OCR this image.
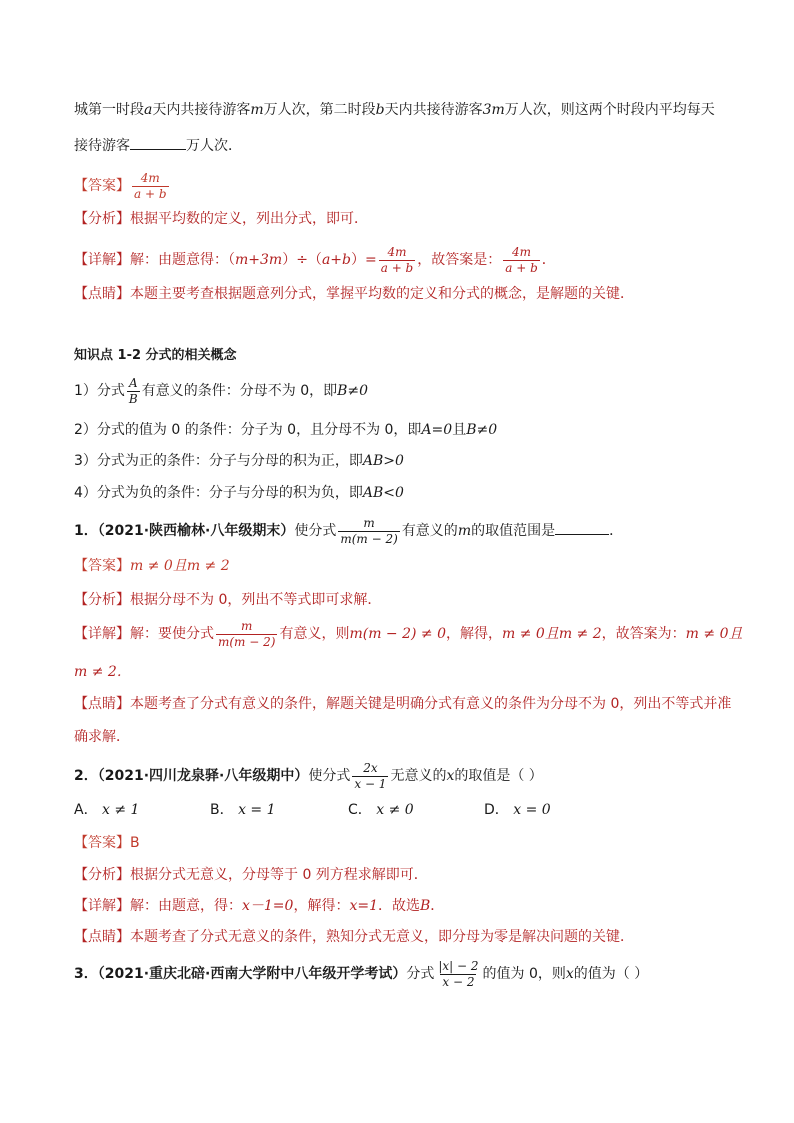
城第一时段a天内共接待游客m万人次，第二时段b天内共接待游客3m万人次，则这两个时段内平均每天
接待游客	万人次．
【答案】 $\frac{4m}{a + b}$
【分析】根据平均数的定义，列出分式，即可．
【详解】解：由题意得：$(m+3m)\div(a+b)= \frac{4m}{a + b}$ ，故答案是： $\frac{4m}{a + b}$ ．
【点睛】本题主要考查根据题意列分式，掌握平均数的定义和分式的概念，是解题的关键．
知识点 1-2 分式的相关概念
1）分式 $\frac{A}{B}$ 有意义的条件：分母不为 0，即B≠0
2）分式的值为 0 的条件：分子为 0，且分母不为 0，即A=0且B≠0
3）分式为正的条件：分子与分母的积为正，即AB>0
4）分式为负的条件：分子与分母的积为负，即AB<0
1．（2021·陕西榆林·八年级期末）使分式 $\frac{m}{m(m - 2)}$ 有意义的m的取值范围是	．
【答案】m ≠ 0且m ≠ 2
【分析】根据分母不为 0，列出不等式即可求解．
【详解】解：要使分式 $\frac{m}{m(m - 2)}$ 有意义，则m(m − 2) ≠ 0，解得，m ≠ 0且m ≠ 2，故答案为：m ≠ 0且
m ≠ 2．
【点睛】本题考查了分式有意义的条件，解题关键是明确分式有意义的条件为分母不为 0，列出不等式并准
确求解．
2．（2021·四川龙泉驿·八年级期中）使分式 $\frac{2x}{x - 1}$ 无意义的x的取值是（ ）
A． x ≠ 1	B． x = 1	C． x ≠ 0	D． x = 0
【答案】B
【分析】根据分式无意义，分母等于 0 列方程求解即可．
【详解】解：由题意，得：x－1=0，解得：x=1．故选B．
【点睛】本题考查了分式无意义的条件，熟知分式无意义，即分母为零是解决问题的关键．
3．（2021·重庆北碚·西南大学附中八年级开学考试）分式 $\frac{|x| - 2}{x - 2}$ 的值为 0，则x的值为（ ）
